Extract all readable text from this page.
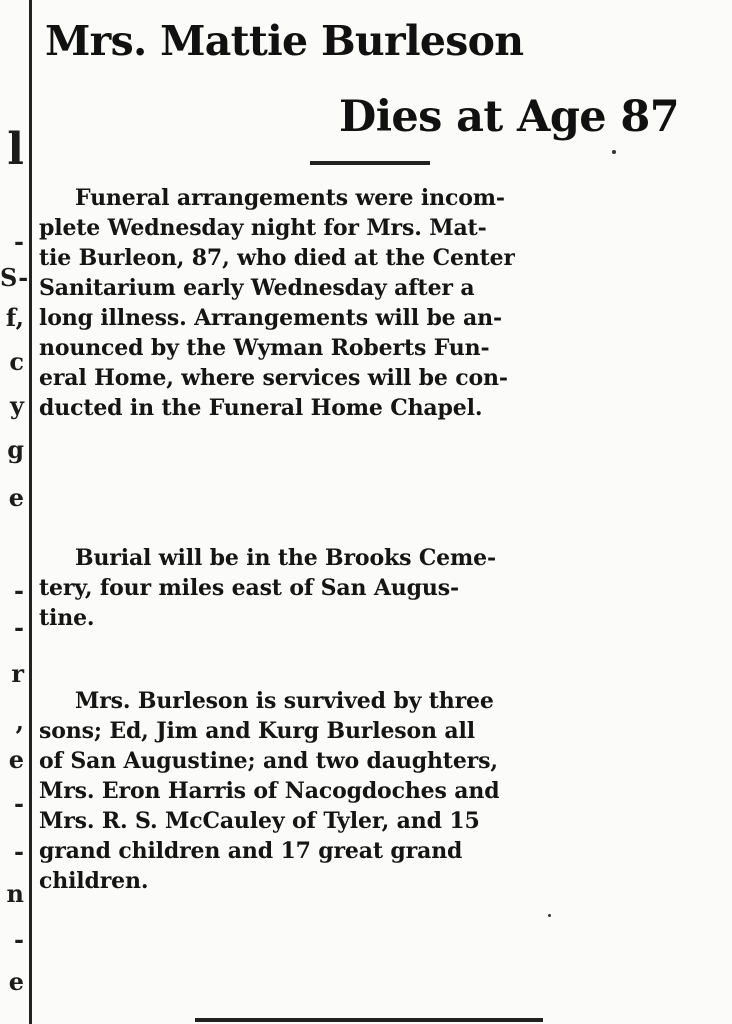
l
-
S-
f,
c
y
g
e
-
-
r
,
e
-
-
n
-
e
Mrs. Mattie Burleson
Dies at Age 87
Funeral arrangements were incom-
plete Wednesday night for Mrs. Mat-
tie Burleon, 87, who died at the Center
Sanitarium early Wednesday after a
long illness. Arrangements will be an-
nounced by the Wyman Roberts Fun-
eral Home, where services will be con-
ducted in the Funeral Home Chapel.
Burial will be in the Brooks Ceme-
tery, four miles east of San Augus-
tine.
Mrs. Burleson is survived by three
sons; Ed, Jim and Kurg Burleson all
of San Augustine; and two daughters,
Mrs. Eron Harris of Nacogdoches and
Mrs. R. S. McCauley of Tyler, and 15
grand children and 17 great grand
children.
